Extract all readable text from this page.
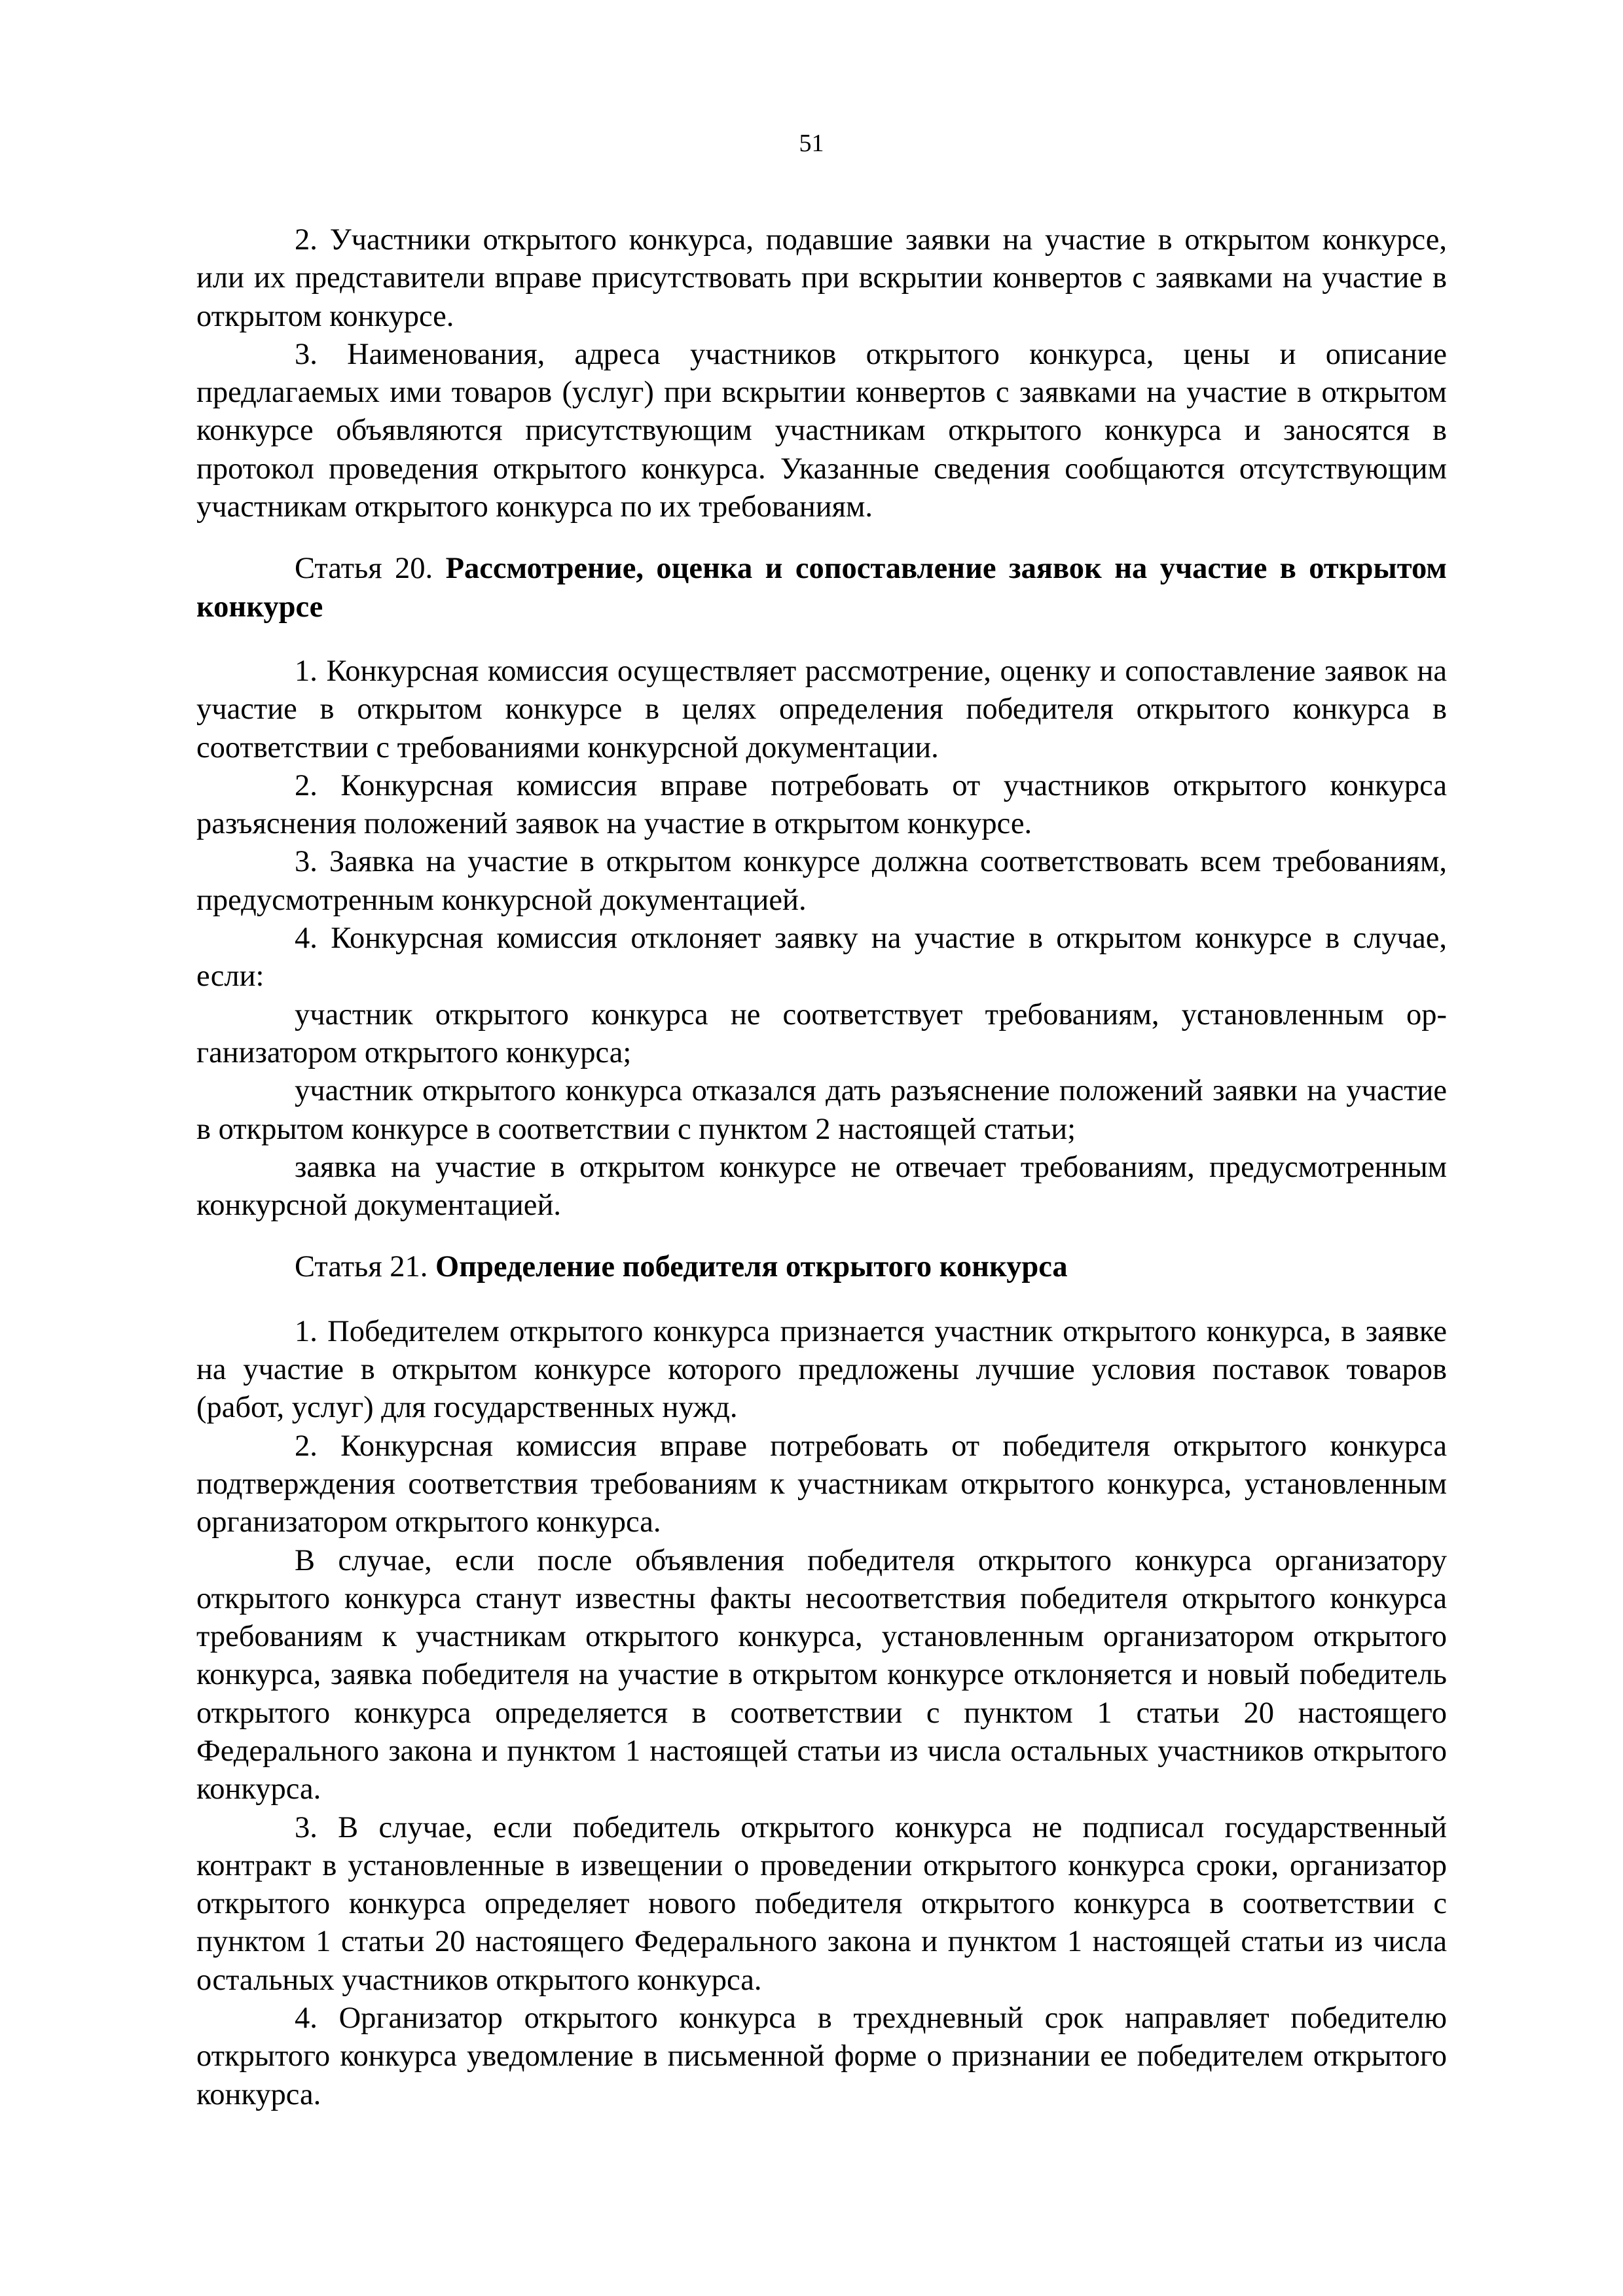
51

2. Участники открытого конкурса, подавшие заявки на участие в открытом конкурсе, или их представители вправе присутствовать при вскрытии конвертов с заявками на участие в открытом конкурсе.

3. Наименования, адреса участников открытого конкурса, цены и описание предлагаемых ими товаров (услуг) при вскрытии конвертов с заявками на участие в открытом конкурсе объявляются присутствующим участникам открытого конкурса и заносятся в протокол проведения открытого конкурса. Указанные сведения сообщаются отсутствующим участникам открытого конкурса по их требованиям.

Статья 20. Рассмотрение, оценка и сопоставление заявок на участие в открытом конкурсе

1. Конкурсная комиссия осуществляет рассмотрение, оценку и сопоставление заявок на участие в открытом конкурсе в целях определения победителя открытого конкурса в соответствии с требованиями конкурсной документации.

2. Конкурсная комиссия вправе потребовать от участников открытого конкурса разъяснения положений заявок на участие в открытом конкурсе.

3. Заявка на участие в открытом конкурсе должна соответствовать всем требованиям, предусмотренным конкурсной документацией.

4. Конкурсная комиссия отклоняет заявку на участие в открытом конкурсе в случае, если:

участник открытого конкурса не соответствует требованиям, установленным организатором открытого конкурса;

участник открытого конкурса отказался дать разъяснение положений заявки на участие в открытом конкурсе в соответствии с пунктом 2 настоящей статьи;

заявка на участие в открытом конкурсе не отвечает требованиям, предусмотренным конкурсной документацией.

Статья 21. Определение победителя открытого конкурса

1. Победителем открытого конкурса признается участник открытого конкурса, в заявке на участие в открытом конкурсе которого предложены лучшие условия поставок товаров (работ, услуг) для государственных нужд.

2. Конкурсная комиссия вправе потребовать от победителя открытого конкурса подтверждения соответствия требованиям к участникам открытого конкурса, установленным организатором открытого конкурса.

В случае, если после объявления победителя открытого конкурса организатору открытого конкурса станут известны факты несоответствия победителя открытого конкурса требованиям к участникам открытого конкурса, установленным организатором открытого конкурса, заявка победителя на участие в открытом конкурсе отклоняется и новый победитель открытого конкурса определяется в соответствии с пунктом 1 статьи 20 настоящего Федерального закона и пунктом 1 настоящей статьи из числа остальных участников открытого конкурса.

3. В случае, если победитель открытого конкурса не подписал государственный контракт в установленные в извещении о проведении открытого конкурса сроки, организатор открытого конкурса определяет нового победителя открытого конкурса в соответствии с пунктом 1 статьи 20 настоящего Федерального закона и пунктом 1 настоящей статьи из числа остальных участников открытого конкурса.

4. Организатор открытого конкурса в трехдневный срок направляет победителю открытого конкурса уведомление в письменной форме о признании ее победителем открытого конкурса.
